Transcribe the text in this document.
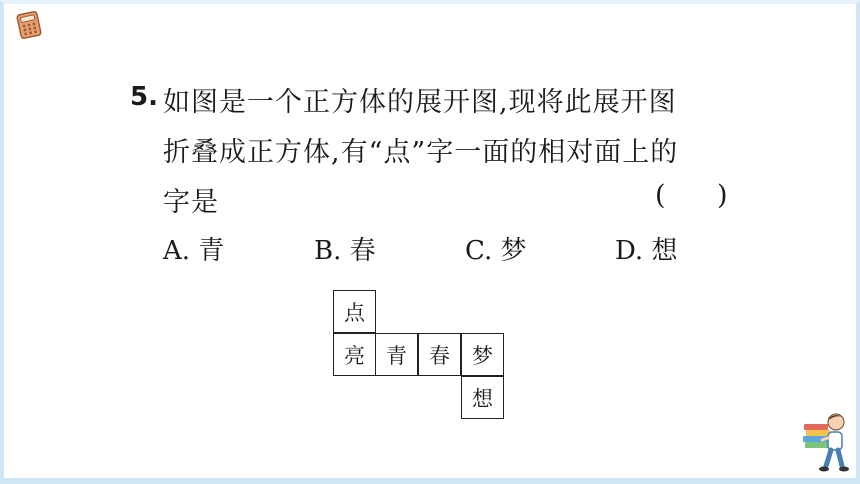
5. 如图是一个正方体的展开图,现将此展开图
折叠成正方体,有“点”字一面的相对面上的
字是	(      )
A. 青	B. 春	C. 梦	D. 想
点
亮	青	春	梦
想
